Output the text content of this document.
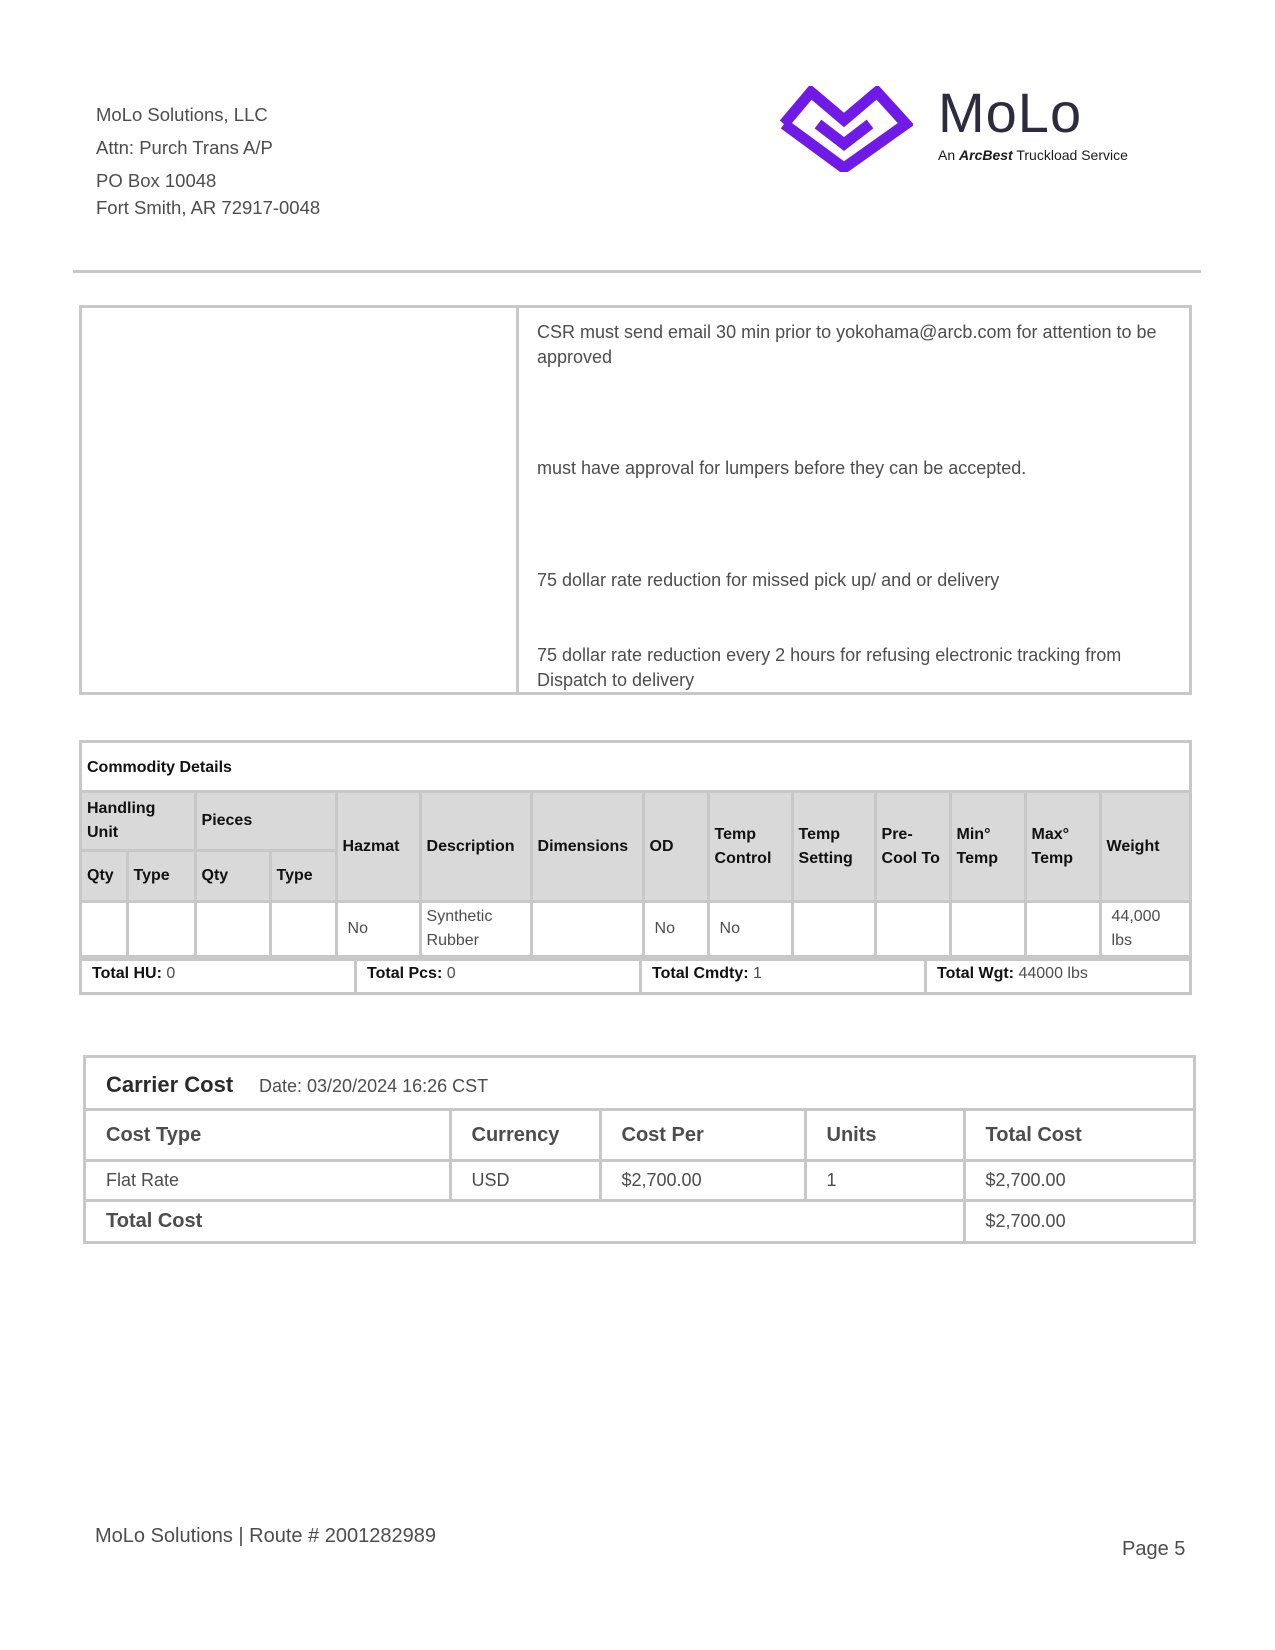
MoLo Solutions, LLC
Attn: Purch Trans A/P
PO Box 10048
Fort Smith, AR 72917-0048
MoLo
An ArcBest Truckload Service
CSR must send email 30 min prior to yokohama@arcb.com for attention to be approved
must have approval for lumpers before they can be accepted.
75 dollar rate reduction for missed pick up/ and or delivery
75 dollar rate reduction every 2 hours for refusing electronic tracking from Dispatch to delivery
Commodity Details
Handling Unit		Pieces		Hazmat	Description	Dimensions	OD	Temp Control	Temp Setting	Pre- Cool To	Min° Temp	Max° Temp	Weight
Qty	Type	Qty	Type										
				No	Synthetic Rubber		No	No					44,000 lbs
Total HU: 0	Total Pcs: 0	Total Cmdty: 1	Total Wgt: 44000 lbs
Carrier Cost Date: 03/20/2024 16:26 CST
Cost Type	Currency	Cost Per	Units	Total Cost
Flat Rate	USD	$2,700.00	1	$2,700.00
Total Cost				$2,700.00
MoLo Solutions | Route # 2001282989
Page 5
